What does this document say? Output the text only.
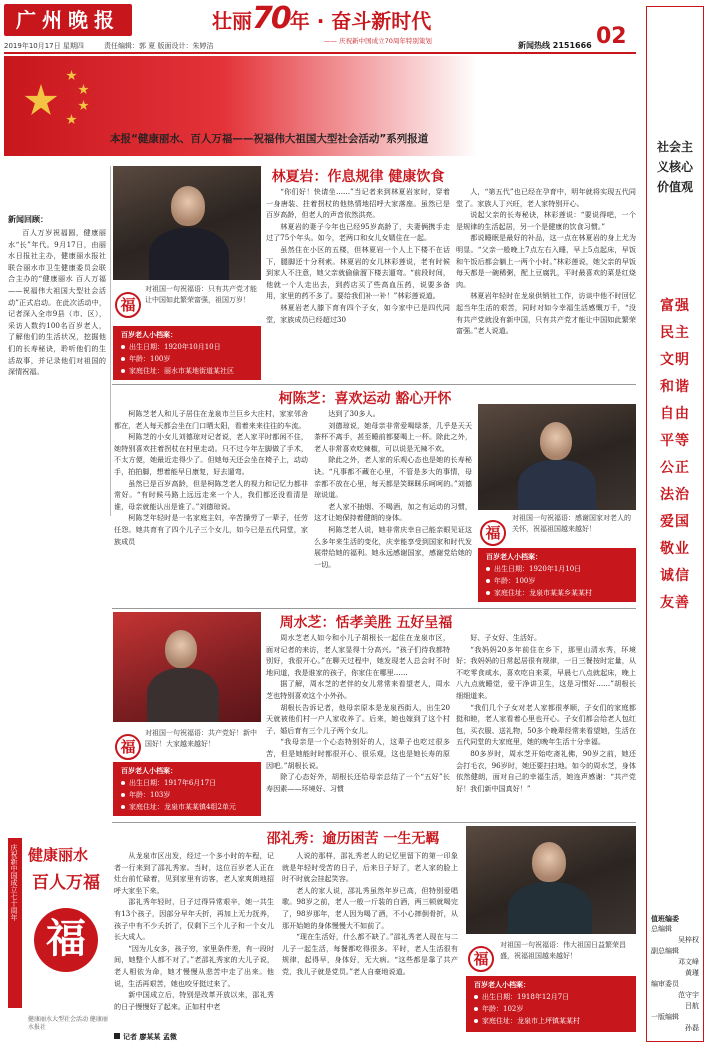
广州晚报
2019年10月17日 星期四	责任编辑：郭 夏 版面设计：朱婷洁
壮丽70年 · 奋斗新时代
—— 庆祝新中国成立70周年特别策划	新闻热线 2151666 02
本报“健康丽水、百人万福——祝福伟大祖国大型社会活动”系列报道
社会主义核心价值观
富强
民主
文明
和谐
自由
平等
公正
法治
爱国
敬业
诚信
友善
值班编委
总编辑
吴梓权
副总编辑
邓文峰
黄瑾
编审委员
范守宇
吕航
一版编辑
孙磊
新闻回顾：
百人万岁祝福圆，健康丽水“长”年代。9月17日，由丽水日报社主办，健康丽水报社联合丽水市卫生健康委员会联合主办的“健康丽水 百人万福——祝福伟大祖国大型社会活动”正式启动。在此次活动中，记者深入全市9县（市、区），采访人数约100名百岁老人，了解他们的生活状况，挖掘他们的长寿秘诀，聆听他们的生活故事，并记录他们对祖国的深情祝福。
福
对祖国一句祝福语：只有共产党才能让中国如此繁荣富强，祖国万岁！
百岁老人小档案：
出生日期：1920年10月10日
年龄：100岁
家庭住址：丽水市某地街道某社区
林夏岩：作息规律 健康饮食

“你们好！快请坐……”当记者来到林夏岩家时，穿着一身唐装、拄着拐杖的他热情地招呼大家落座。虽然已是百岁高龄，但老人的声音依然洪亮。

林夏岩的妻子今年也已经95岁高龄了，夫妻俩携手走过了75个年头。如今，老两口和女儿女婿住在一起。

虽然住在小区的五楼，但林夏岩一个人上下楼不在话下，腿脚还十分利索。林夏岩的女儿林彩莲说，老有时候到家人不注意，她父亲就偷偷溜下楼去遛弯。“前段时间，他就一个人走出去，到药店买了些高血压药，说要多备用，家里的药不多了。要给我们补一补！”林彩莲说道。

林夏岩老人膝下育有四个子女，如今家中已是四代同堂，家族成员已经超过30

人，“第五代”也已经在孕育中，明年就将实现五代同堂了。家族人丁兴旺，老人家特别开心。

说起父亲的长寿秘诀，林彩莲说：“要说得吧，一个是规律的生活起居，另一个是健康的饮食习惯。”

都说睡眠是最好的补品，这一点在林夏岩的身上尤为明显。“父亲一般晚上7点左右入睡，早上5点起床，早饭和午饭后都会躺上一两个小时。”林彩莲说，她父亲的早饭每天都是一碗稀粥，配上豆腐乳，平时最喜欢的菜是红烧肉。

林夏岩年轻时在龙泉供销社工作，访谈中他不时回忆起当年生活的艰苦，同时对如今幸福生活感慨万千，“没有共产党就没有新中国，只有共产党才能让中国如此繁荣富强。”老人说道。

柯陈芝：喜欢运动 豁心开怀

柯陈芝老人和儿子居住在龙泉市兰巨乡大庄村，家家邻舍都在，老人每天都会坐在门口晒太阳，看着来来往往的车流。

柯陈芝的小女儿刘德琼对记者说，老人家平时都闲不住，她特别喜欢拄着拐杖在村里走动。只不过今年左脚做了手术，不太方便，她最近走得少了。但她每天还会坐在椅子上，动动手，拍拍脚，想着能早日康复，好去遛弯。

虽然已是百岁高龄，但是柯陈芝老人的视力和记忆力都非常好。“有时候马路上远远走来一个人，我们都还没看清是谁，母亲就能认出是谁了。”刘德琼说。

柯陈芝年轻时是一名家庭主妇，辛苦操劳了一辈子，任劳任怨。她共育有了四个儿子三个女儿，如今已是五代同堂，家族成员

达到了30多人。

刘德琼说，她母亲非常爱喝绿茶，几乎是天天茶杯不离手，甚至睡前都要喝上一杯。除此之外，老人非常喜欢吃辣椒，可以说是无辣不欢。

除此之外，老人家的乐观心态也是她的长寿秘诀。“凡事都不藏在心里，不管是多大的事情，母亲都不放在心里，每天都是笑眯眯乐呵呵的。”刘德琼说道。

老人家不抽烟、不喝酒，加之有运动的习惯，这才让她保持着健朗的身体。

柯陈芝老人说，她非常庆幸自己能亲眼见证这么多年来生活的变化，庆幸能享受到国家和时代发展带给她的福利。她永远感谢国家，感谢党给她的一切。

福
对祖国一句祝福语：感谢国家对老人的关怀，祝福祖国越来越好！
百岁老人小档案：
出生日期：1920年1月10日
年龄：100岁
家庭住址：龙泉市某某乡某某村
福
对祖国一句祝福语：共产党好！新中国好！大家越来越好！
百岁老人小档案：
出生日期：1917年6月17日
年龄：103岁
家庭住址：龙泉市某某镇4组2单元
周水芝：恬孝美胜 五好呈福

周水芝老人如今和小儿子胡根长一起住在龙泉市区，面对记者的来访，老人家显得十分高兴。“孩子们待我都特别好，我很开心。”在聊天过程中，她发现老人总会时不时地问道，我是谁家的孩子，你家住在哪里……

据了解，周水芝的老伴的女儿常常来看望老人，周水芝也特别喜欢这个小外孙。

胡根长告诉记者，他母亲原本是龙泉西街人，出生20天就被他们村一户人家收养了。后来，她也嫁到了这个村子，婚后育有三个儿子两个女儿。

“我母亲是一个心态特别好的人，这辈子也吃过很多苦，但是她能时时都很开心、很乐观，这也是她长寿的原因吧。”胡根长说。

除了心态好外，胡根长还给母亲总结了一个“五好”长寿因素——环境好、习惯

好、子女好、生活好。

“我妈妈20多年前住在乡下，那里山清水秀，环境好；我妈妈的日常起居很有规律，一日三餐按时定量，从不吃零食咸水，喜欢吃自来菜，早晨七八点就起床，晚上八九点就睡觉，爱干净讲卫生，这是习惯好……”胡根长细细道来。

“我们几个子女对老人家都很孝顺，子女们的家庭都挺和睦，老人家看着心里也开心。子女们都会给老人包红包，买衣服、送礼物，50多个晚辈经常来看望她，生活在五代同堂的大家庭里，她的晚年生活十分幸福。

80多岁时，周水芝开始吃斋礼佛，90岁之前，她还会打毛衣，96岁时，她还要扫扫地。如今的周水芝，身体依然健朗，面对自己的幸福生活，她连声感谢：“共产党好！我们新中国真好！”

庆祝新中国成立七十周年 健康丽水
百人万福
福
健康丽水大型社会活动 健康丽水报社
邵礼秀：逾历困苦 一生无羁

从龙泉市区出发，经过一个多小时的车程，记者一行来到了邵礼秀家。当时，这位百岁老人正在灶台前忙碌着，见到家里有访客，老人家爽朗地招呼大家坐下来。

邵礼秀年轻时，日子过得异常艰辛，她一共生有13个孩子，因部分早年夭折，再加上无力抚养，孩子中有不少夭折了，仅剩下三个儿子和一个女儿长大成人。

“因为儿女多，孩子穷，家里条件差，有一段时间，她整个人都不对了。”老邵礼秀家的大儿子说，老人相依为命，她才慢慢从悲苦中走了出来。他说，生活再艰苦，她也咬牙挺过来了。

新中国成立后，特别是改革开放以来，邵礼秀的日子慢慢好了起来。正如村中老

人说的那样，邵礼秀老人的记忆里留下的第一印象就是年轻时受苦的日子，后来日子好了，老人家的脸上时不时就会挂起笑容。

老人的家人说，邵礼秀虽然年岁已高，但特别爱唱歌。98岁之前，老人一般一斤装的白酒，两三顿就喝完了，98岁那年，老人因为喝了酒，不小心摔倒骨折，从那开始她的身体慢慢大不如前了。

“现在生活好，什么都不缺了。”邵礼秀老人现在与二儿子一起生活，每餐都吃得很多。平时，老人生活很有规律，起得早，身体好，无大病。“这些都是靠了共产党，我儿子就是党员。”老人自豪地说道。

记者 廖某某 孟微
福
对祖国一句祝福语：伟大祖国日益繁荣昌盛，祝福祖国越来越好！
百岁老人小档案：
出生日期：1918年12月7日
年龄：102岁
家庭住址：龙泉市上坪镇某某村
